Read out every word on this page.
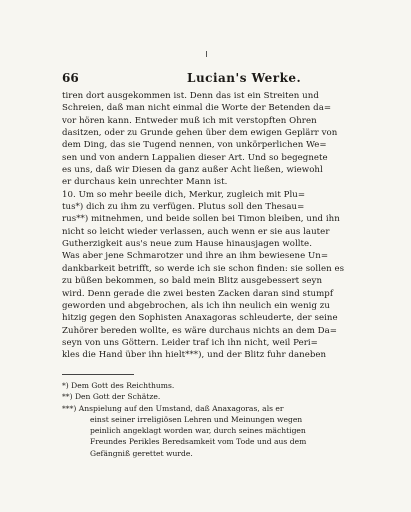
66	Lucian's Werke.
tiren dort ausgekommen ist. Denn das ist ein Streiten und
Schreien, daß man nicht einmal die Worte der Betenden da=
vor hören kann. Entweder muß ich mit verstopften Ohren
dasitzen, oder zu Grunde gehen über dem ewigen Geplärr von
dem Ding, das sie Tugend nennen, von unkörperlichen We=
sen und von andern Lappalien dieser Art. Und so begegnete
es uns, daß wir Diesen da ganz außer Acht ließen, wiewohl
er durchaus kein unrechter Mann ist.
10. Um so mehr beeile dich, Merkur, zugleich mit Plu=
tus*) dich zu ihm zu verfügen. Plutus soll den Thesau=
rus**) mitnehmen, und beide sollen bei Timon bleiben, und ihn
nicht so leicht wieder verlassen, auch wenn er sie aus lauter
Gutherzigkeit aus's neue zum Hause hinausjagen wollte.
Was aber jene Schmarotzer und ihre an ihm bewiesene Un=
dankbarkeit betrifft, so werde ich sie schon finden: sie sollen es
zu büßen bekommen, so bald mein Blitz ausgebessert seyn
wird. Denn gerade die zwei besten Zacken daran sind stumpf
geworden und abgebrochen, als ich ihn neulich ein wenig zu
hitzig gegen den Sophisten Anaxagoras schleuderte, der seine
Zuhörer bereden wollte, es wäre durchaus nichts an dem Da=
seyn von uns Göttern. Leider traf ich ihn nicht, weil Peri=
kles die Hand über ihn hielt***), und der Blitz fuhr daneben
*) Dem Gott des Reichthums.
**) Den Gott der Schätze.
***) Anspielung auf den Umstand, daß Anaxagoras, als er
einst seiner irreligiösen Lehren und Meinungen wegen
peinlich angeklagt worden war, durch seines mächtigen
Freundes Perikles Beredsamkeit vom Tode und aus dem
Gefängniß gerettet wurde.
